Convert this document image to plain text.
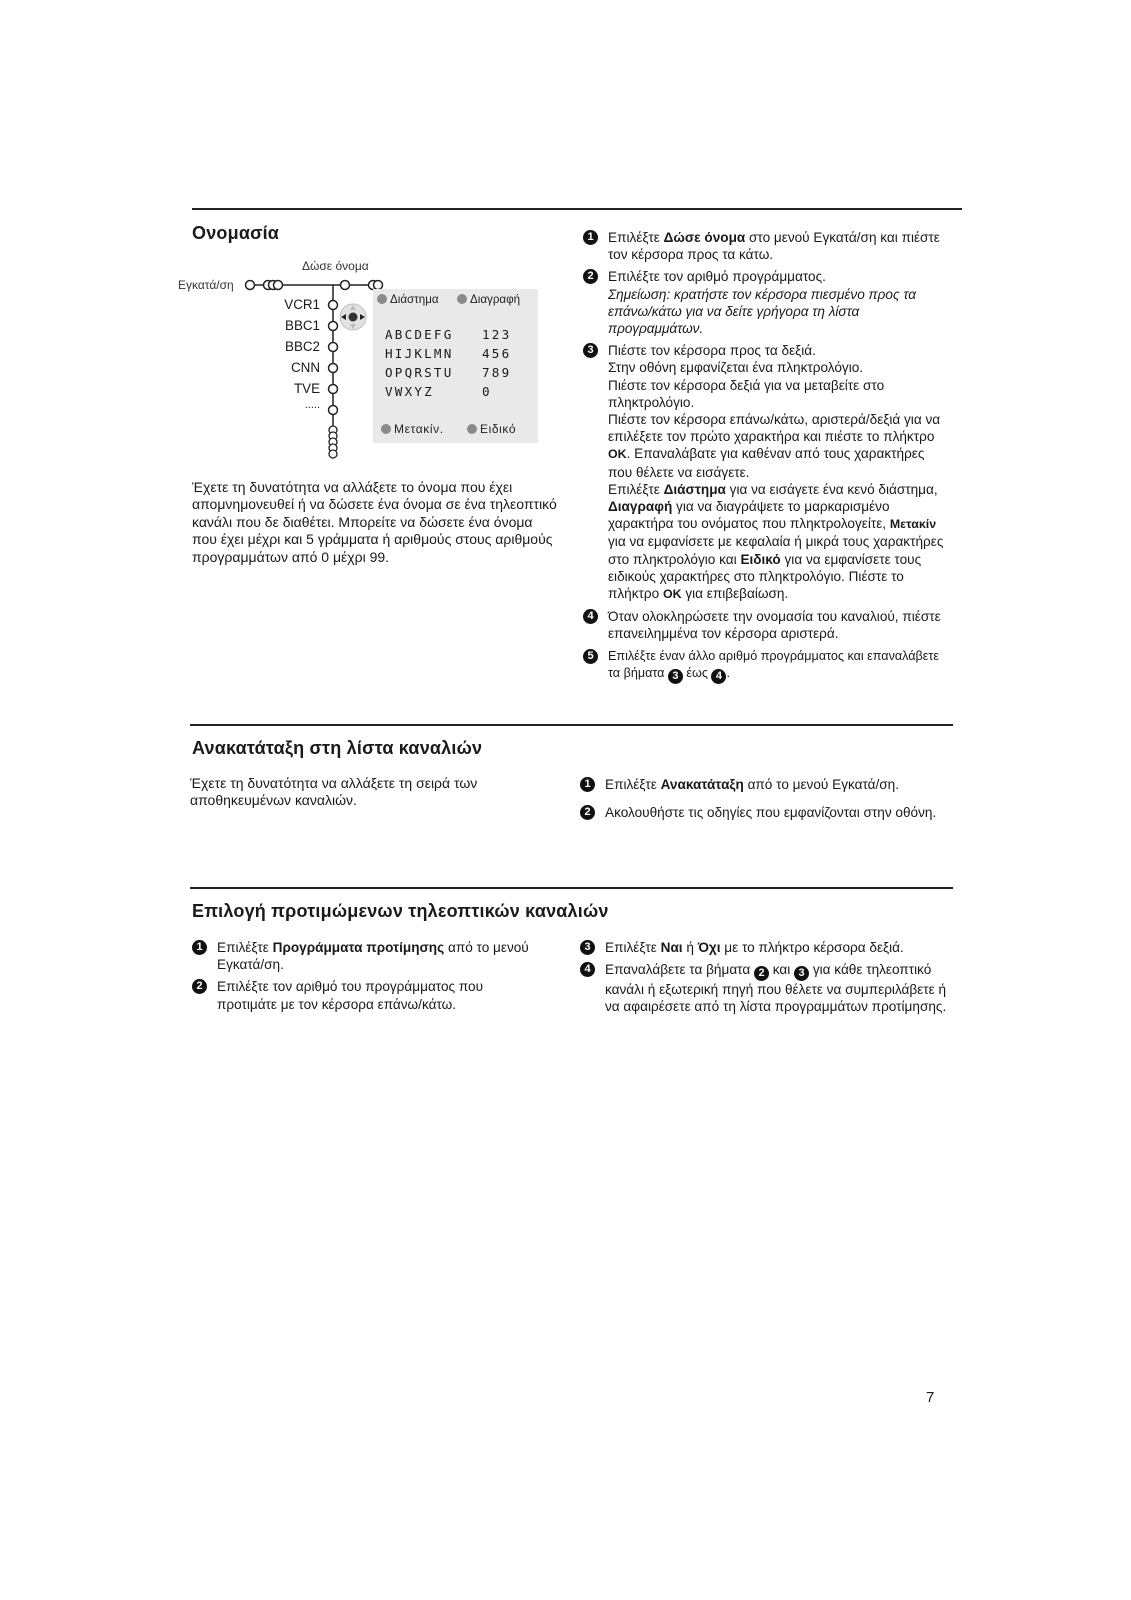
Ονομασία
Δώσε όνομα
Εγκατά/ση
VCR1
BBC1
BBC2
CNN
TVE
.....
Διάστημα	Διαγραφή
ABCDEFG 123
HIJKLMN 456
OPQRSTU 789
VWXYZ	0
Μετακίν.	Ειδικό
Έχετε τη δυνατότητα να αλλάξετε το όνομα που έχει απομνημονευθεί ή να δώσετε ένα όνομα σε ένα τηλεοπτικό κανάλι που δε διαθέτει. Μπορείτε να δώσετε ένα όνομα που έχει μέχρι και 5 γράμματα ή αριθμούς στους αριθμούς προγραμμάτων από 0 μέχρι 99.
1	Επιλέξτε Δώσε όνομα στο μενού Εγκατά/ση και πιέστε τον κέρσορα προς τα κάτω.
2	Επιλέξτε τον αριθμό προγράμματος.
Σημείωση: κρατήστε τον κέρσορα πιεσμένο προς τα επάνω/κάτω για να δείτε γρήγορα τη λίστα προγραμμάτων.
3	Πιέστε τον κέρσορα προς τα δεξιά.
Στην οθόνη εμφανίζεται ένα πληκτρολόγιο.
Πιέστε τον κέρσορα δεξιά για να μεταβείτε στο πληκτρολόγιο.
Πιέστε τον κέρσορα επάνω/κάτω, αριστερά/δεξιά για να επιλέξετε τον πρώτο χαρακτήρα και πιέστε το πλήκτρο OK. Επαναλάβατε για καθέναν από τους χαρακτήρες που θέλετε να εισάγετε.
Επιλέξτε Διάστημα για να εισάγετε ένα κενό διάστημα, Διαγραφή για να διαγράψετε το μαρκαρισμένο χαρακτήρα του ονόματος που πληκτρολογείτε, Μετακίν για να εμφανίσετε με κεφαλαία ή μικρά τους χαρακτήρες στο πληκτρολόγιο και Ειδικό για να εμφανίσετε τους ειδικούς χαρακτήρες στο πληκτρολόγιο. Πιέστε το πλήκτρο OK για επιβεβαίωση.
4	Όταν ολοκληρώσετε την ονομασία του καναλιού, πιέστε επανειλημμένα τον κέρσορα αριστερά.
5	Επιλέξτε έναν άλλο αριθμό προγράμματος και επαναλάβετε τα βήματα 3 έως 4 .
Ανακατάταξη στη λίστα καναλιών
Έχετε τη δυνατότητα να αλλάξετε τη σειρά των αποθηκευμένων καναλιών.
1	Επιλέξτε Ανακατάταξη από το μενού Εγκατά/ση.
2	Ακολουθήστε τις οδηγίες που εμφανίζονται στην οθόνη.
Επιλογή προτιμώμενων τηλεοπτικών καναλιών
1	Επιλέξτε Προγράμματα προτίμησης από το μενού Εγκατά/ση.
2	Επιλέξτε τον αριθμό του προγράμματος που προτιμάτε με τον κέρσορα επάνω/κάτω.
3	Επιλέξτε Ναι ή Όχι με το πλήκτρο κέρσορα δεξιά.
4	Επαναλάβετε τα βήματα 2 και 3 για κάθε τηλεοπτικό κανάλι ή εξωτερική πηγή που θέλετε να συμπεριλάβετε ή να αφαιρέσετε από τη λίστα προγραμμάτων προτίμησης.
7
